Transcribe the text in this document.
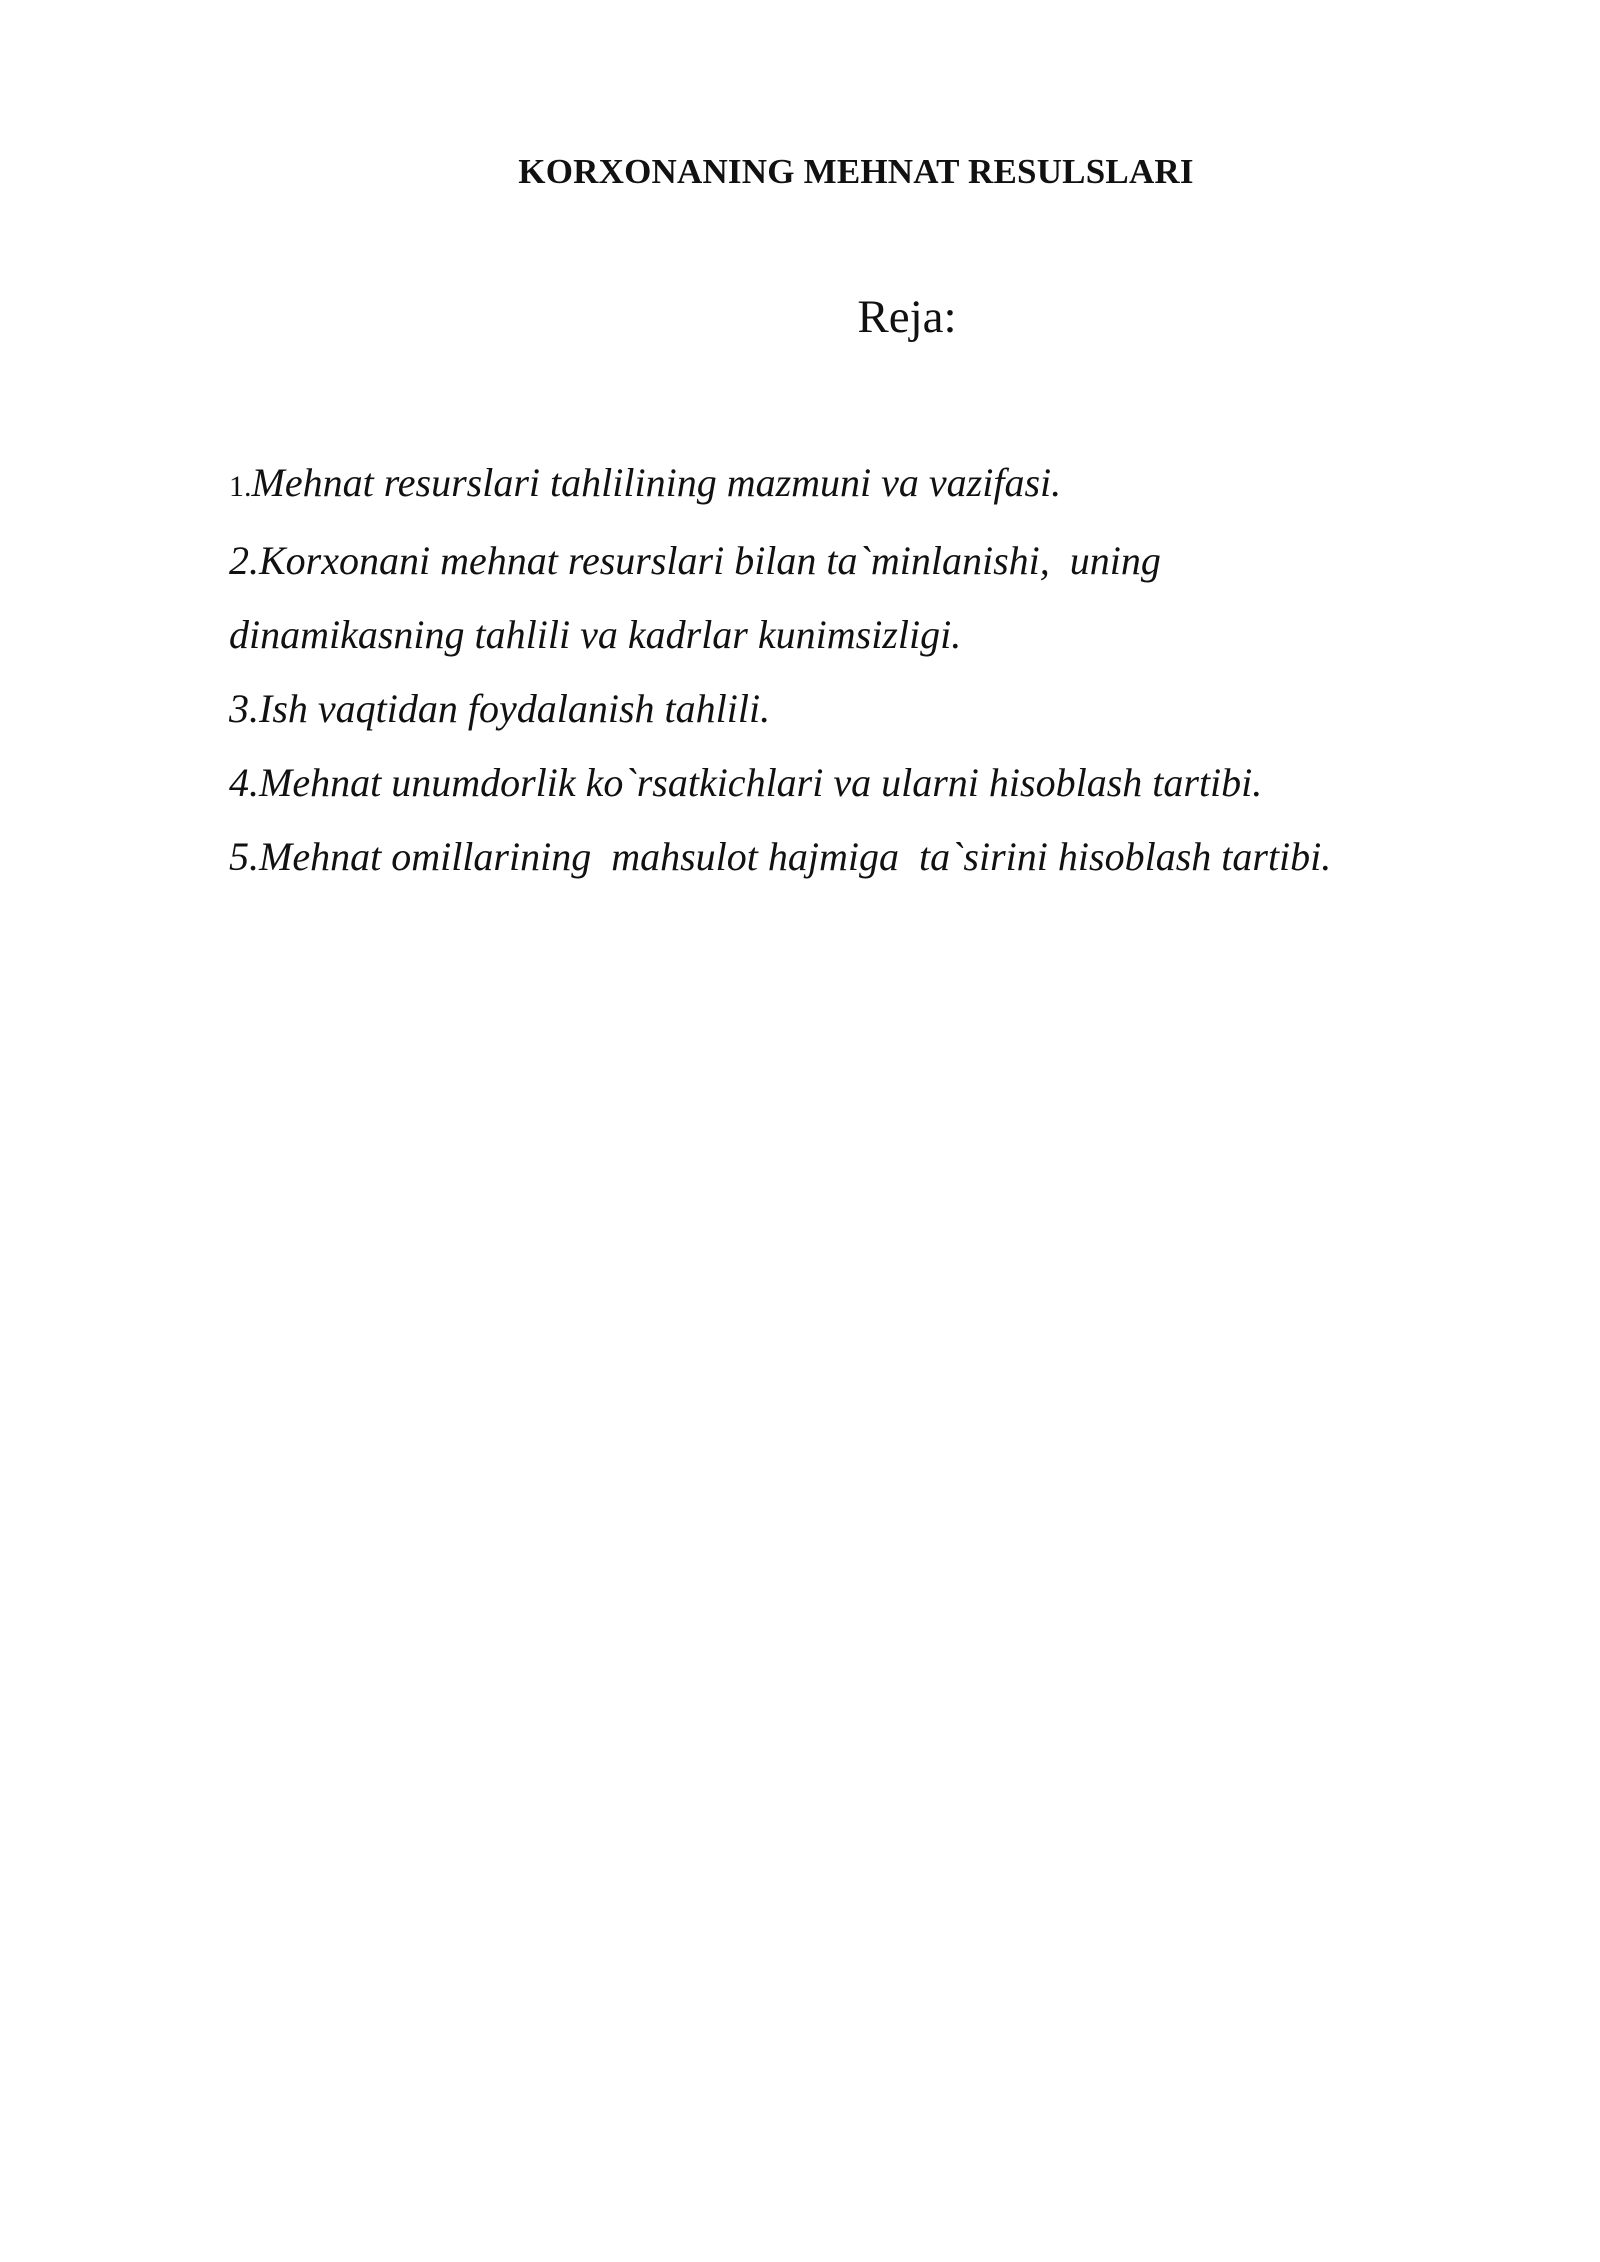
KORXONANING MEHNAT RESULSLARI
Reja:
1.Mehnat resurslari tahlilining mazmuni va vazifasi.
2.Korxonani mehnat resurslari bilan ta`minlanishi,  uning
dinamikasning tahlili va kadrlar kunimsizligi.
3.Ish vaqtidan foydalanish tahlili.
4.Mehnat unumdorlik ko`rsatkichlari va ularni hisoblash tartibi.
5.Mehnat omillarining  mahsulot hajmiga  ta`sirini hisoblash tartibi.
